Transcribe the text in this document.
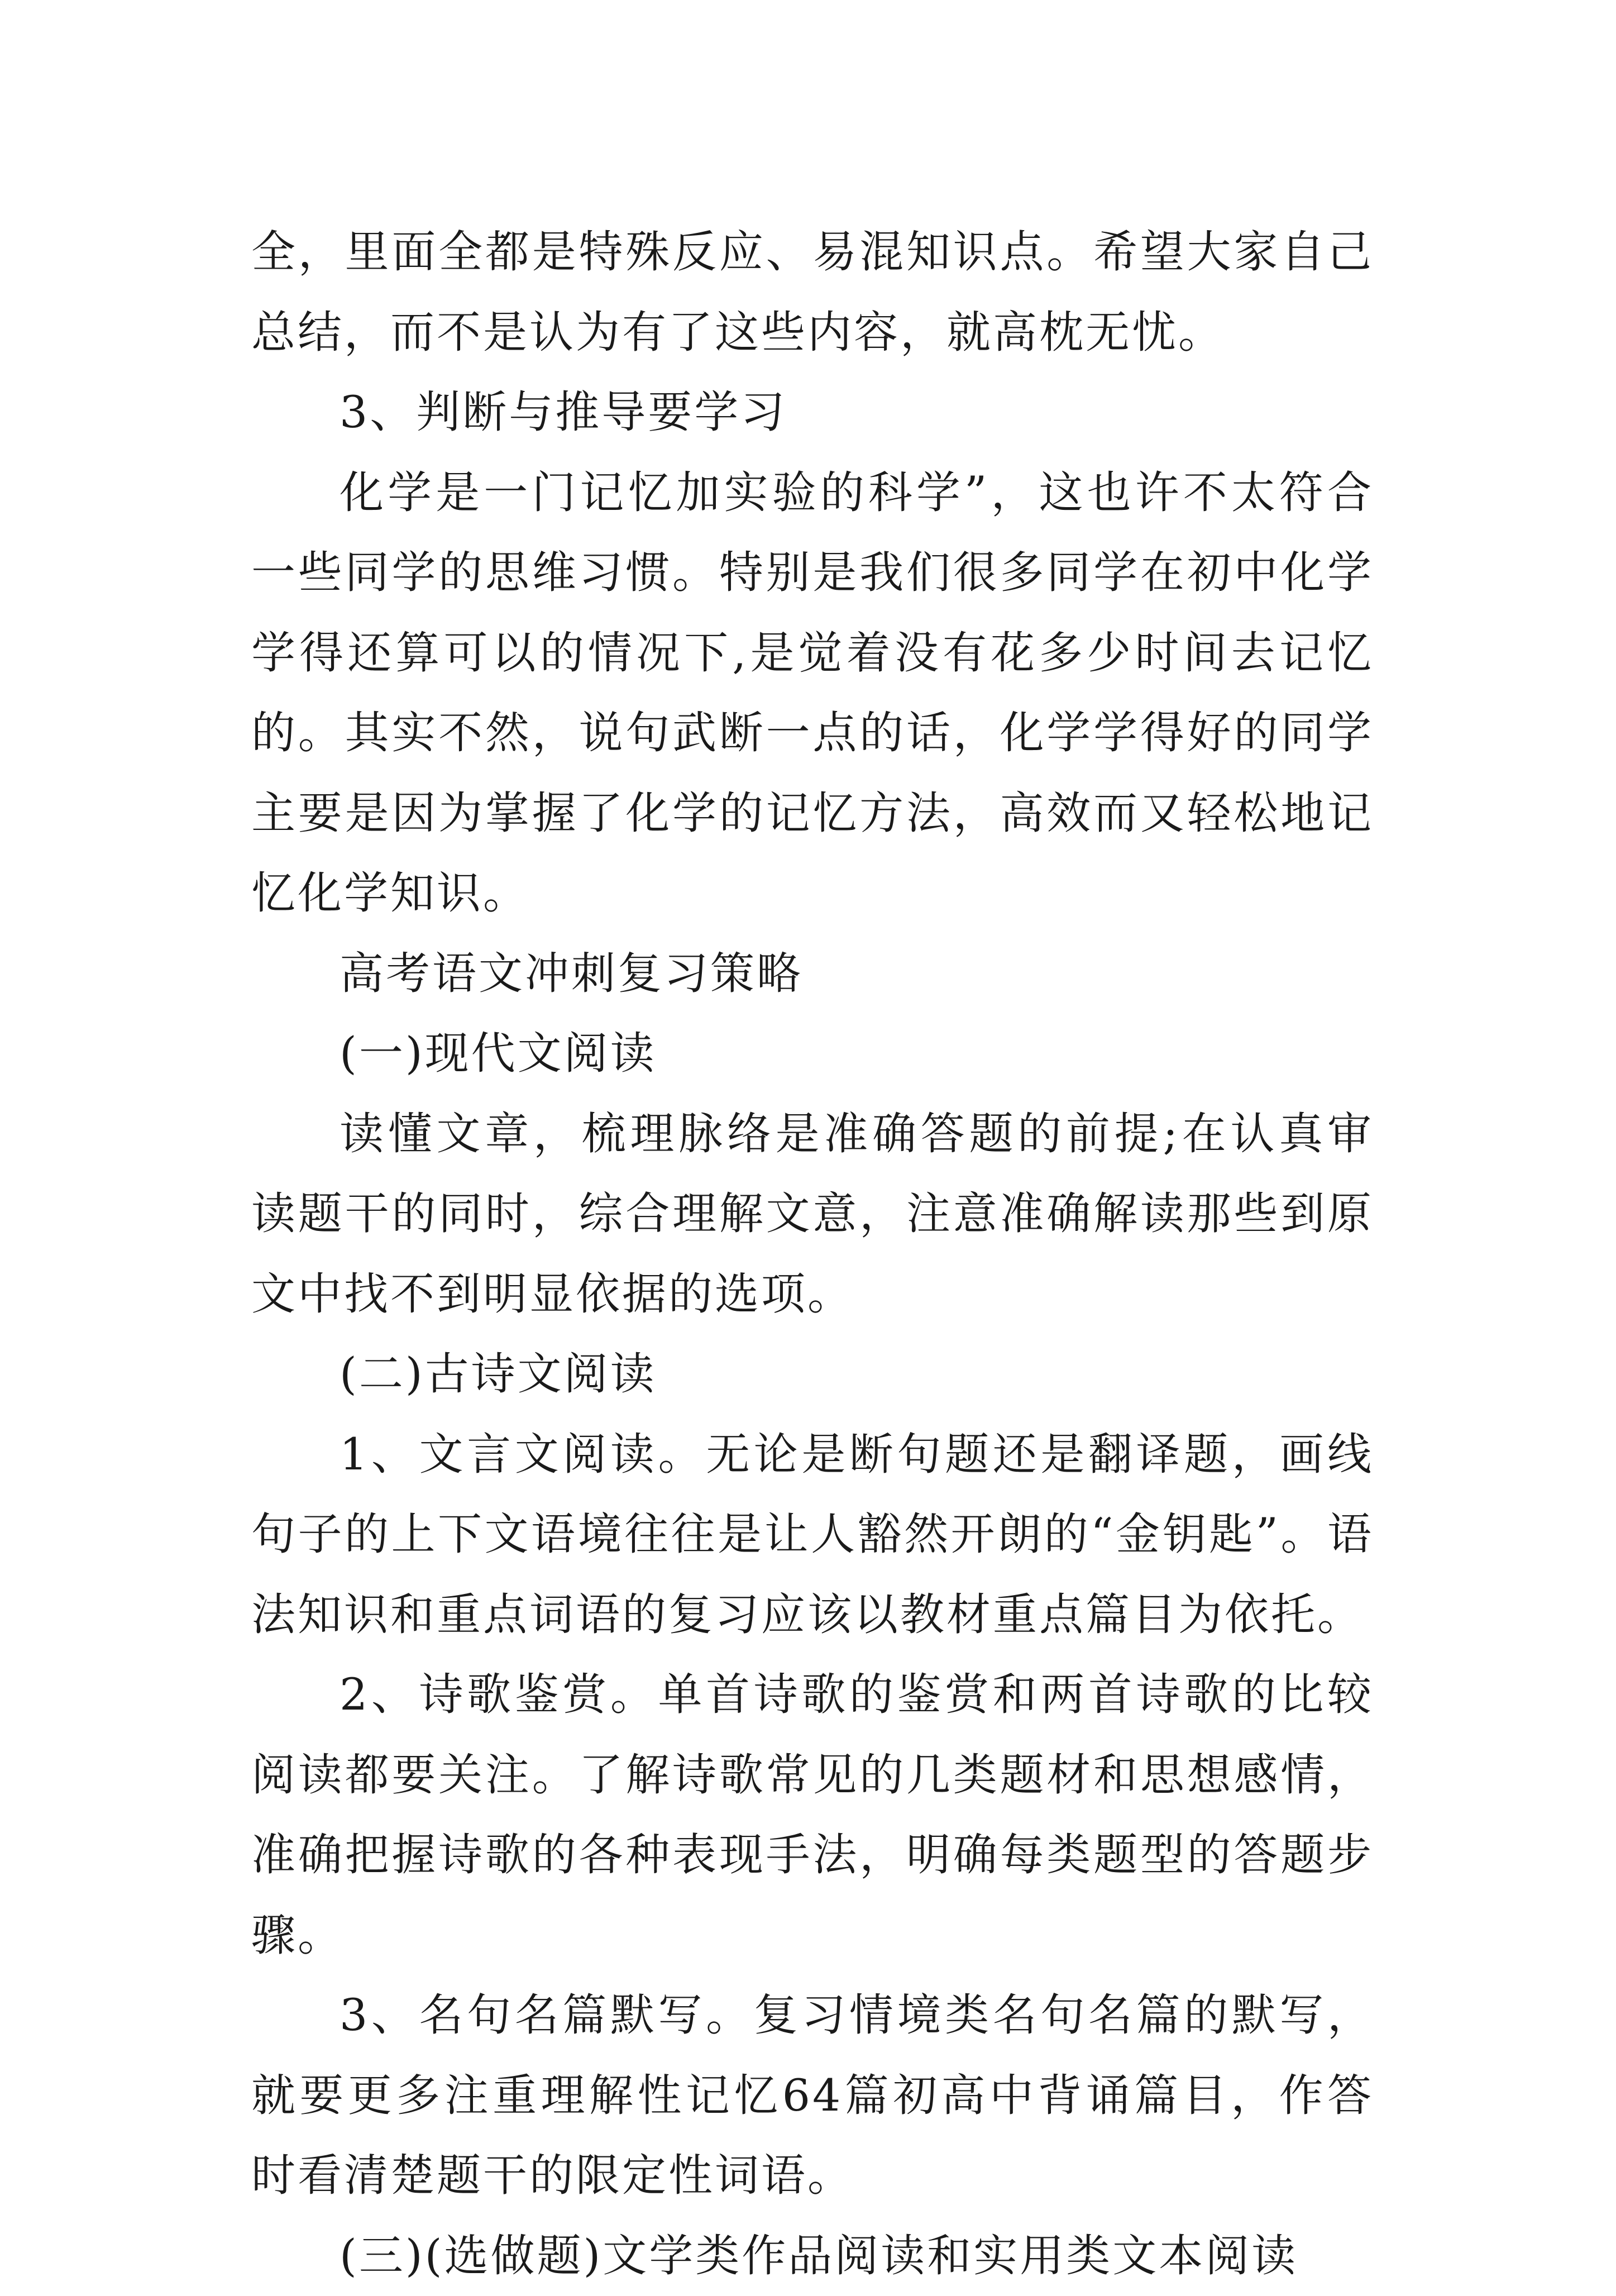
全，里面全都是特殊反应、易混知识点。希望大家自己总结，而不是认为有了这些内容，就高枕无忧。

3、判断与推导要学习

化学是一门记忆加实验的科学”，这也许不太符合一些同学的思维习惯。特别是我们很多同学在初中化学学得还算可以的情况下,是觉着没有花多少时间去记忆的。其实不然，说句武断一点的话，化学学得好的同学主要是因为掌握了化学的记忆方法，高效而又轻松地记忆化学知识。

高考语文冲刺复习策略

(一)现代文阅读

读懂文章，梳理脉络是准确答题的前提;在认真审读题干的同时，综合理解文意，注意准确解读那些到原文中找不到明显依据的选项。

(二)古诗文阅读

1、文言文阅读。无论是断句题还是翻译题，画线句子的上下文语境往往是让人豁然开朗的“金钥匙”。语法知识和重点词语的复习应该以教材重点篇目为依托。

2、诗歌鉴赏。单首诗歌的鉴赏和两首诗歌的比较阅读都要关注。了解诗歌常见的几类题材和思想感情，准确把握诗歌的各种表现手法，明确每类题型的答题步骤。

3、名句名篇默写。复习情境类名句名篇的默写，就要更多注重理解性记忆64篇初高中背诵篇目，作答时看清楚题干的限定性词语。

(三)(选做题)文学类作品阅读和实用类文本阅读
